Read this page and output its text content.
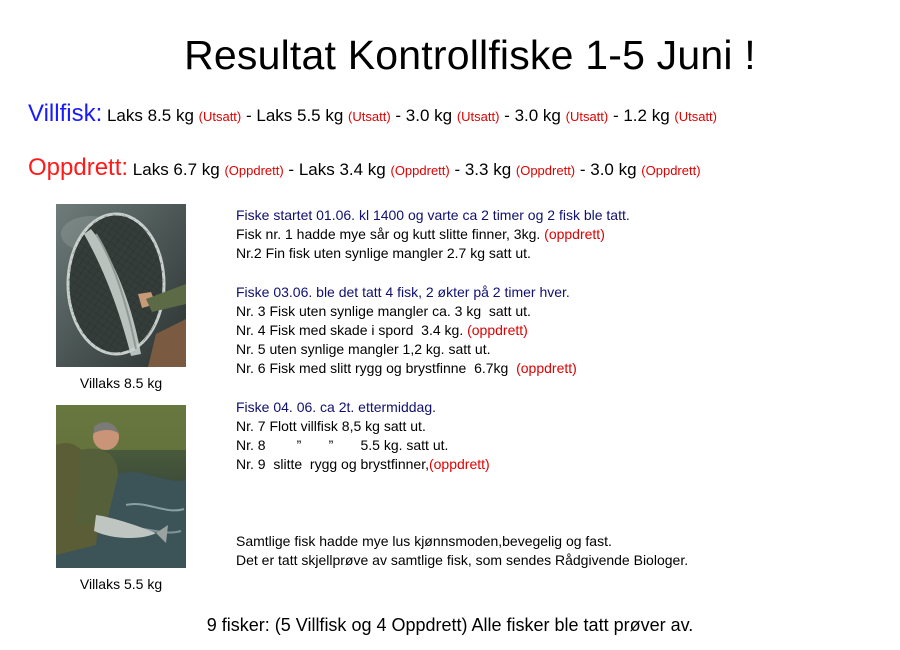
Resultat Kontrollfiske 1-5 Juni !
Villfisk: Laks 8.5 kg (Utsatt) - Laks 5.5 kg (Utsatt) - 3.0 kg (Utsatt) - 3.0 kg (Utsatt) - 1.2 kg (Utsatt)
Oppdrett: Laks 6.7 kg (Oppdrett) - Laks 3.4 kg (Oppdrett) - 3.3 kg (Oppdrett) - 3.0 kg (Oppdrett)
Villaks 8.5 kg
Villaks 5.5 kg
Fiske startet 01.06. kl 1400 og varte ca 2 timer og 2 fisk ble tatt.
Fisk nr. 1 hadde mye sår og kutt slitte finner, 3kg. (oppdrett)
Nr.2 Fin fisk uten synlige mangler 2.7 kg satt ut.
Fiske 03.06. ble det tatt 4 fisk, 2 økter på 2 timer hver.
Nr. 3 Fisk uten synlige mangler ca. 3 kg  satt ut.
Nr. 4 Fisk med skade i spord  3.4 kg. (oppdrett)
Nr. 5 uten synlige mangler 1,2 kg. satt ut.
Nr. 6 Fisk med slitt rygg og brystfinne  6.7kg  (oppdrett)
Fiske 04. 06. ca 2t. ettermiddag.
Nr. 7 Flott villfisk 8,5 kg satt ut.
Nr. 8        ”       ”       5.5 kg. satt ut.
Nr. 9  slitte  rygg og brystfinner,(oppdrett)
Samtlige fisk hadde mye lus kjønnsmoden,bevegelig og fast.
Det er tatt skjellprøve av samtlige fisk, som sendes Rådgivende Biologer.
9 fisker: (5 Villfisk og 4 Oppdrett) Alle fisker ble tatt prøver av.
